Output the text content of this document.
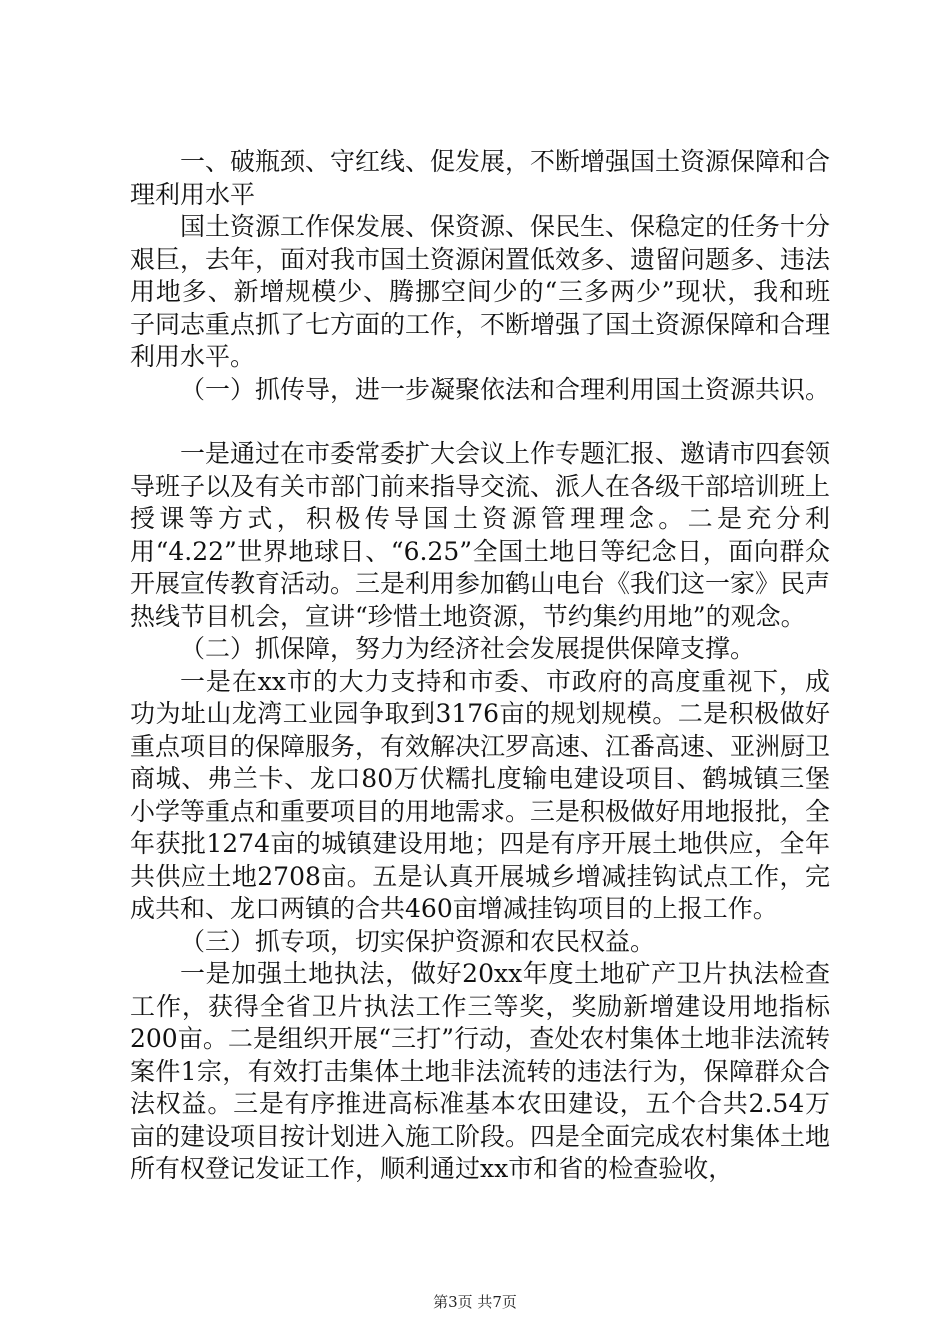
一、破瓶颈、守红线、促发展，不断增强国土资源保障和合理利用水平

国土资源工作保发展、保资源、保民生、保稳定的任务十分艰巨，去年，面对我市国土资源闲置低效多、遗留问题多、违法用地多、新增规模少、腾挪空间少的“三多两少”现状，我和班子同志重点抓了七方面的工作，不断增强了国土资源保障和合理利用水平。

（一）抓传导，进一步凝聚依法和合理利用国土资源共识。

一是通过在市委常委扩大会议上作专题汇报、邀请市四套领导班子以及有关市部门前来指导交流、派人在各级干部培训班上授课等方式，积极传导国土资源管理理念。二是充分利用“4.22”世界地球日、“6.25”全国土地日等纪念日，面向群众开展宣传教育活动。三是利用参加鹤山电台《我们这一家》民声热线节目机会，宣讲“珍惜土地资源，节约集约用地”的观念。

（二）抓保障，努力为经济社会发展提供保障支撑。

一是在xx市的大力支持和市委、市政府的高度重视下，成功为址山龙湾工业园争取到3176亩的规划规模。二是积极做好重点项目的保障服务，有效解决江罗高速、江番高速、亚洲厨卫商城、弗兰卡、龙口80万伏糯扎度输电建设项目、鹤城镇三堡小学等重点和重要项目的用地需求。三是积极做好用地报批，全年获批1274亩的城镇建设用地；四是有序开展土地供应，全年共供应土地2708亩。五是认真开展城乡增减挂钩试点工作，完成共和、龙口两镇的合共460亩增减挂钩项目的上报工作。

（三）抓专项，切实保护资源和农民权益。

一是加强土地执法，做好20xx年度土地矿产卫片执法检查工作，获得全省卫片执法工作三等奖，奖励新增建设用地指标200亩。二是组织开展“三打”行动，查处农村集体土地非法流转案件1宗，有效打击集体土地非法流转的违法行为，保障群众合法权益。三是有序推进高标准基本农田建设，五个合共2.54万亩的建设项目按计划进入施工阶段。四是全面完成农村集体土地所有权登记发证工作，顺利通过xx市和省的检查验收，

第3页 共7页
